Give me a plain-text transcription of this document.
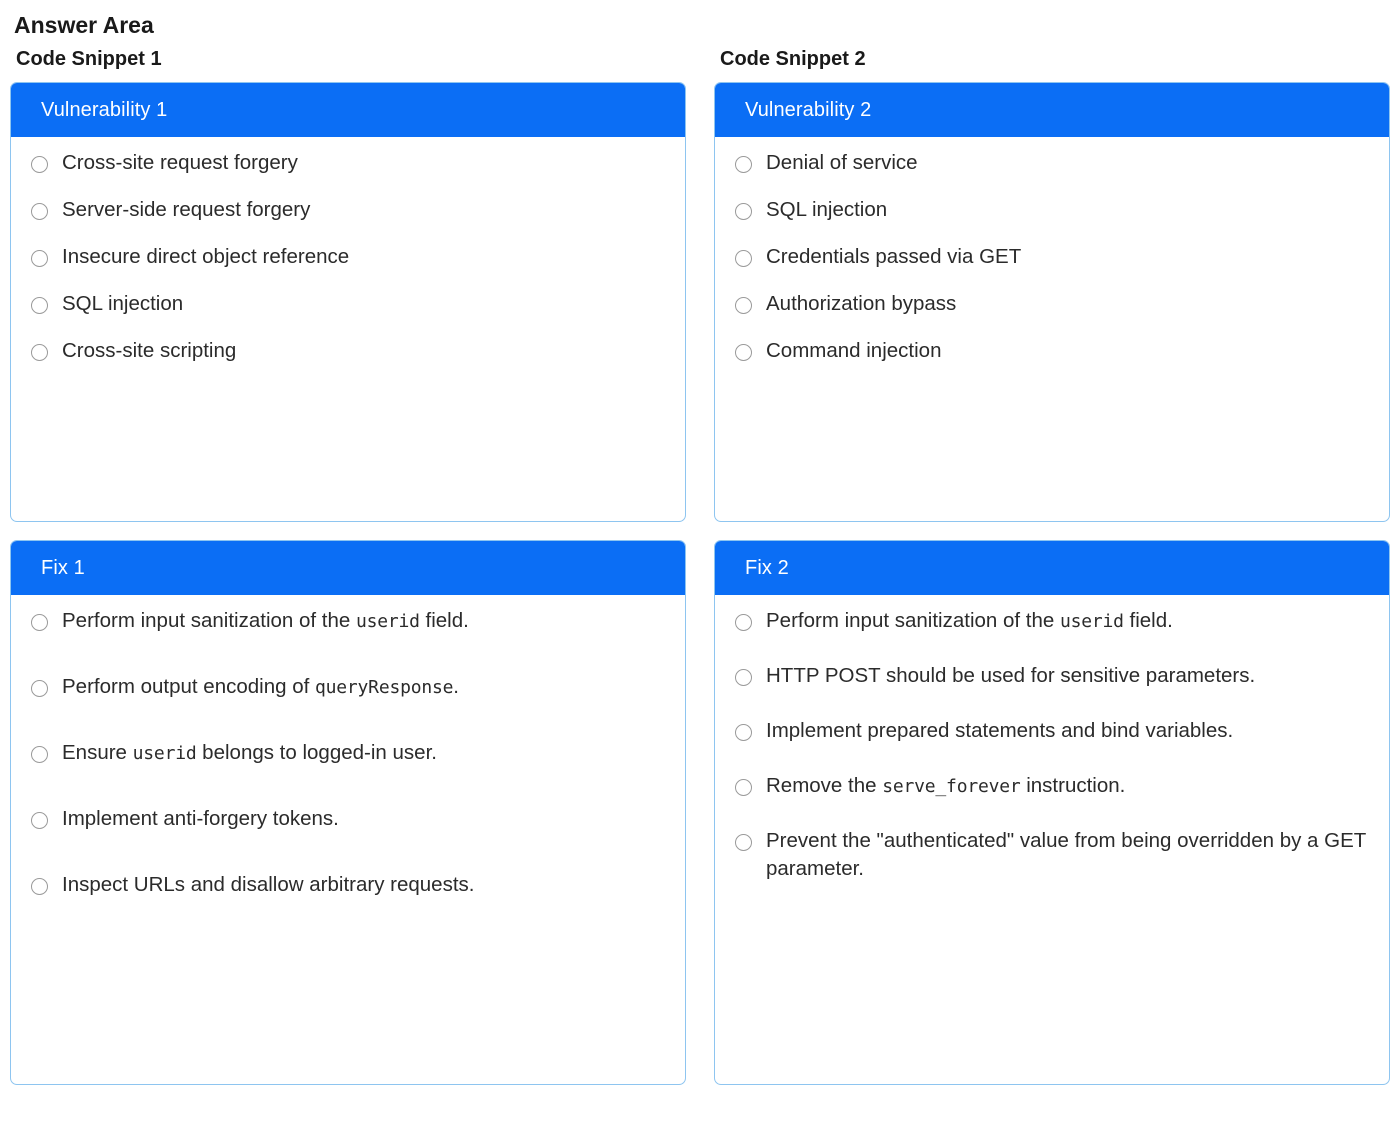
Answer Area
Code Snippet 1
Vulnerability 1
Cross-site request forgery
Server-side request forgery
Insecure direct object reference
SQL injection
Cross-site scripting
Fix 1
Perform input sanitization of the userid field.
Perform output encoding of queryResponse.
Ensure userid belongs to logged-in user.
Implement anti-forgery tokens.
Inspect URLs and disallow arbitrary requests.
Code Snippet 2
Vulnerability 2
Denial of service
SQL injection
Credentials passed via GET
Authorization bypass
Command injection
Fix 2
Perform input sanitization of the userid field.
HTTP POST should be used for sensitive parameters.
Implement prepared statements and bind variables.
Remove the serve_forever instruction.
Prevent the "authenticated" value from being overridden by a GET parameter.
